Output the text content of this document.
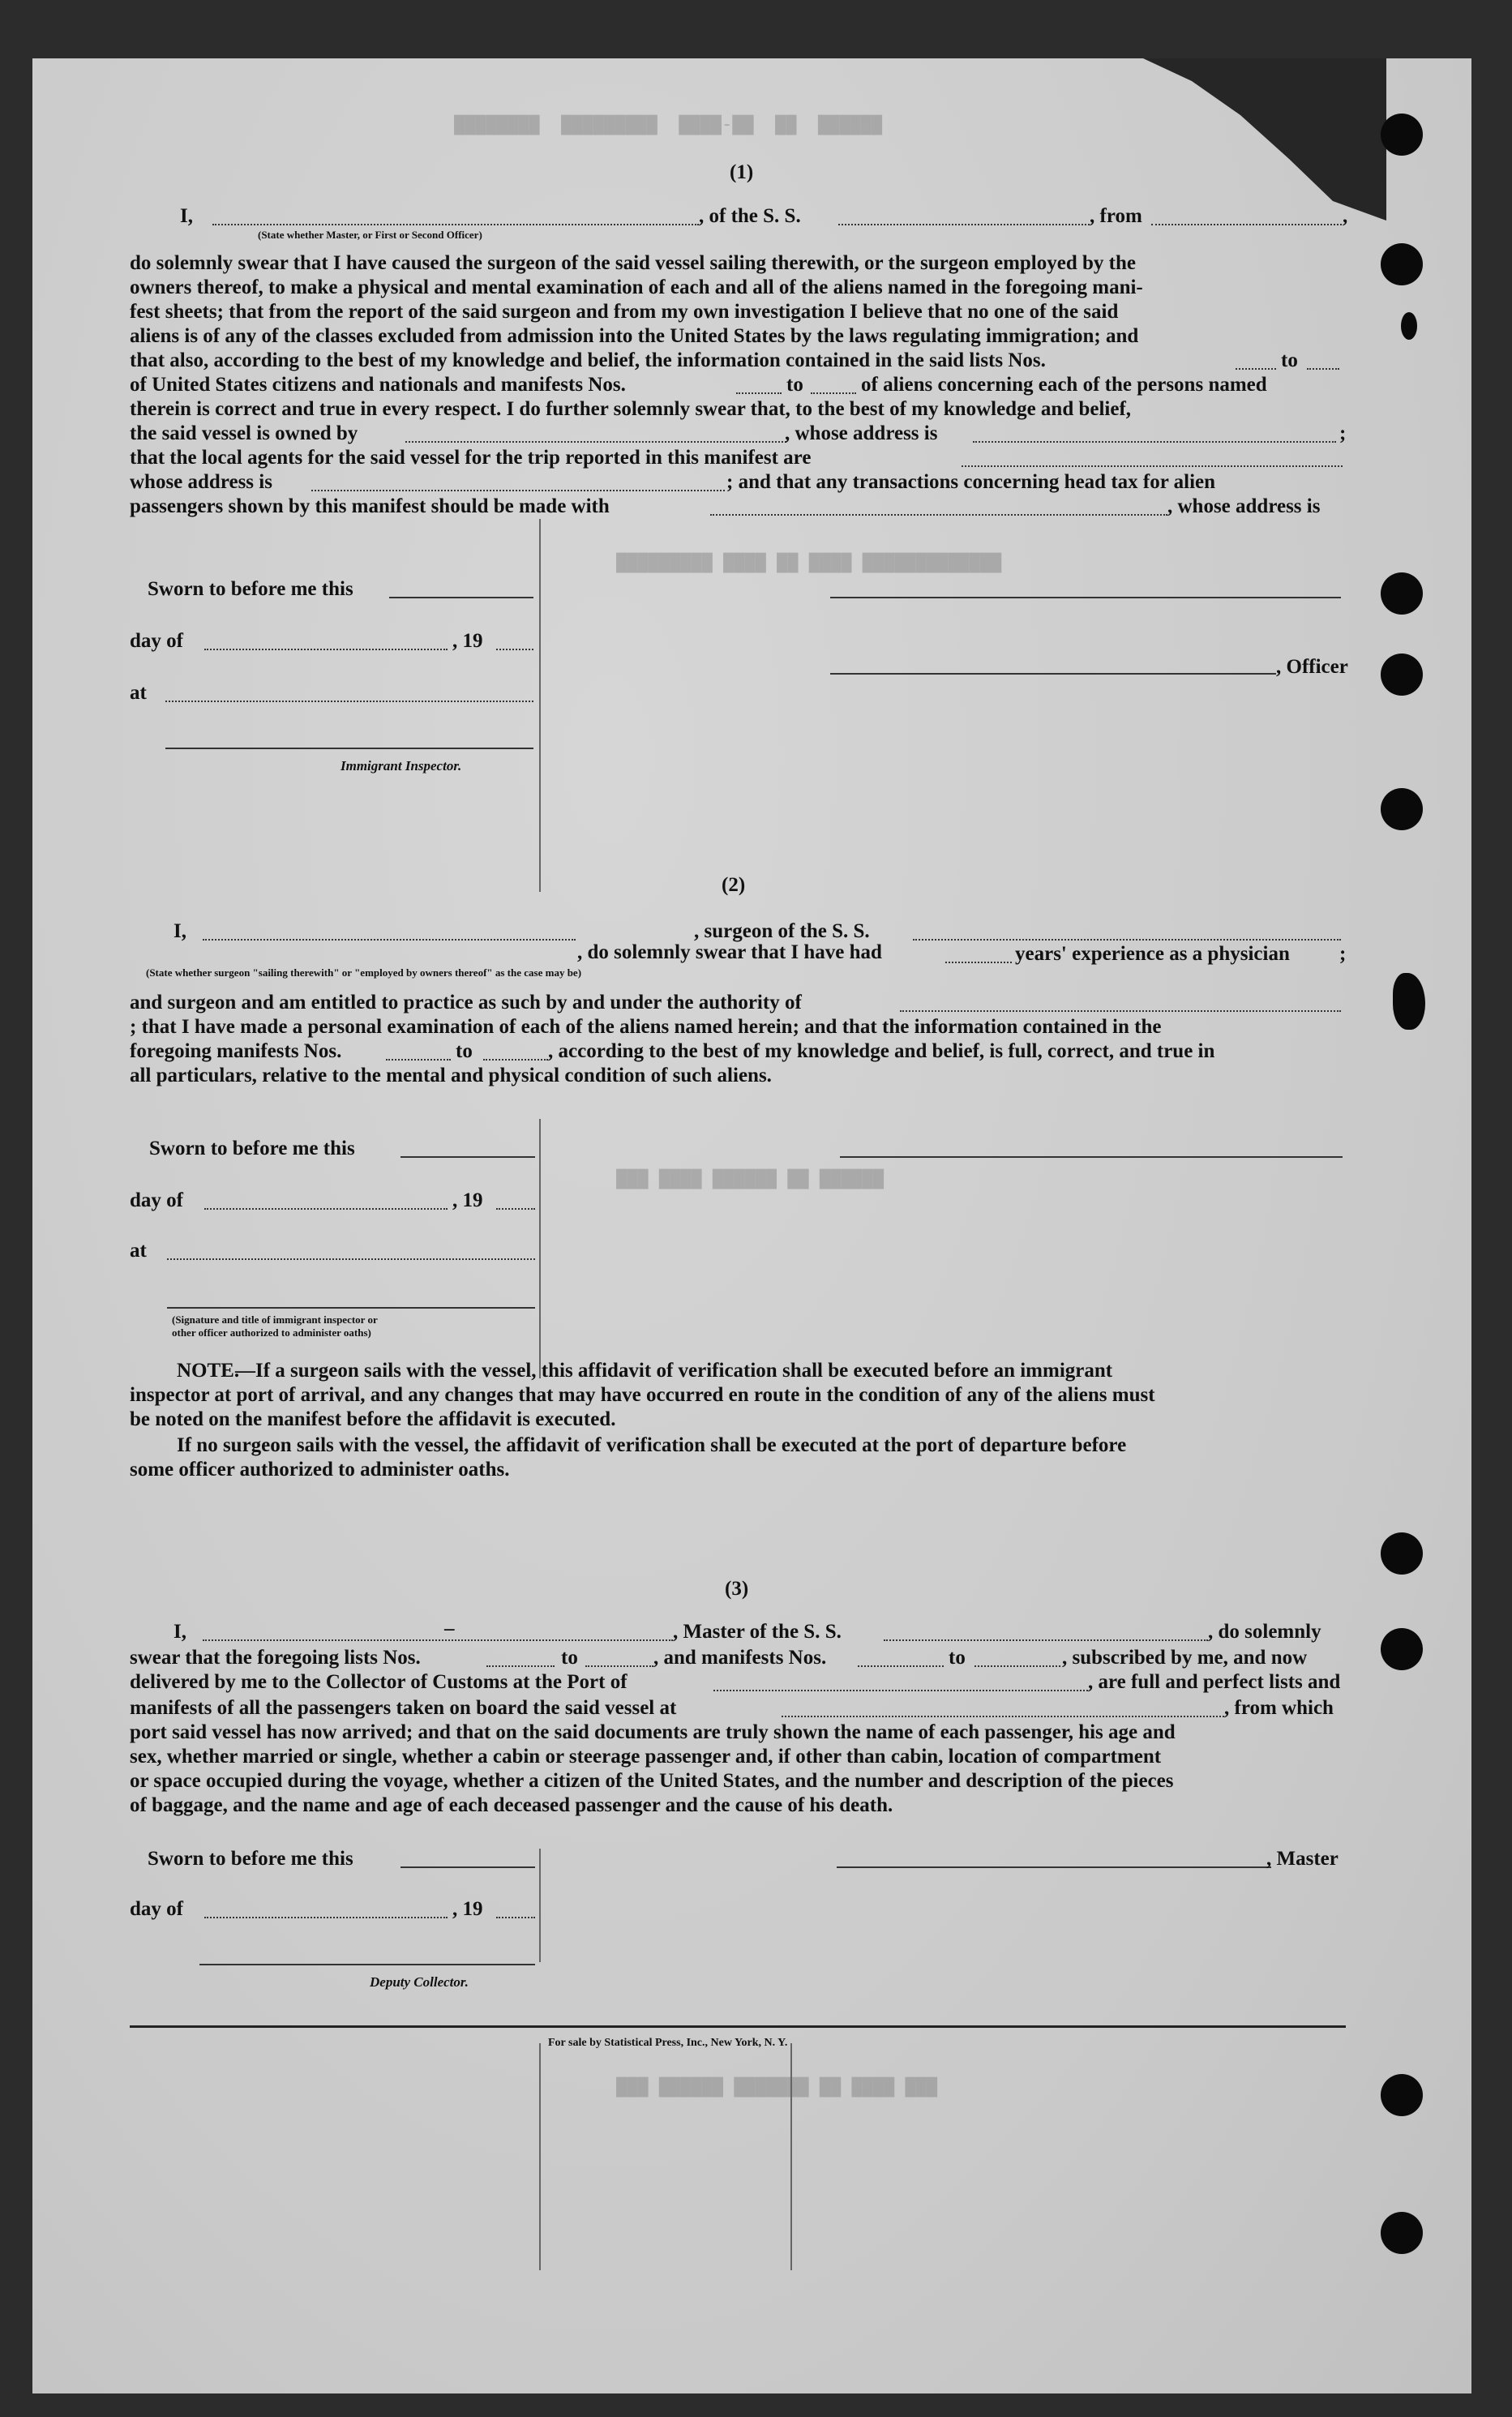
██████  ██  ██-████  █████████  ████████
█████████████ ████ ██ ████ █████████
██████ ██ ██████ ████ ███
███ ████ ██ ███████ ██████ ███
(1)
I,	, of the S. S.	, from	,
(State whether Master, or First or Second Officer)
do solemnly swear that I have caused the surgeon of the said vessel sailing therewith, or the surgeon employed by the
owners thereof, to make a physical and mental examination of each and all of the aliens named in the foregoing mani-
fest sheets; that from the report of the said surgeon and from my own investigation I believe that no one of the said
aliens is of any of the classes excluded from admission into the United States by the laws regulating immigration; and
that also, according to the best of my knowledge and belief, the information contained in the said lists Nos.	to
of United States citizens and nationals and manifests Nos.	to	of aliens concerning each of the persons named
therein is correct and true in every respect. I do further solemnly swear that, to the best of my knowledge and belief,
the said vessel is owned by	, whose address is	;
that the local agents for the said vessel for the trip reported in this manifest are
whose address is	; and that any transactions concerning head tax for alien
passengers shown by this manifest should be made with	, whose address is
Sworn to before me this
day of	, 19
at
, Officer
Immigrant Inspector.
(2)
I,
, do solemnly swear that I have had
, surgeon of the S. S.
(State whether surgeon "sailing therewith" or "employed by owners thereof" as the case may be)
years' experience as a physician ;
and surgeon and am entitled to practice as such by and under the authority of
; that I have made a personal examination of each of the aliens named herein; and that the information contained in the
foregoing manifests Nos.	to	, according to the best of my knowledge and belief, is full, correct, and true in
all particulars, relative to the mental and physical condition of such aliens.
Sworn to before me this
day of	, 19
at
(Signature and title of immigrant inspector or
other officer authorized to administer oaths)
NOTE.
—If a surgeon sails with the vessel, this affidavit of verification shall be executed before an immigrant
inspector at port of arrival, and any changes that may have occurred en route in the condition of any of the aliens must
be noted on the manifest before the affidavit is executed.
If no surgeon sails with the vessel, the affidavit of verification shall be executed at the port of departure before
some officer authorized to administer oaths.
(3)
I,	–	, Master of the S. S.	, do solemnly
swear that the foregoing lists Nos.	to	, and manifests Nos.	to	, subscribed by me, and now
delivered by me to the Collector of Customs at the Port of	, are full and perfect lists and
manifests of all the passengers taken on board the said vessel at	, from which
port said vessel has now arrived; and that on the said documents are truly shown the name of each passenger, his age and
sex, whether married or single, whether a cabin or steerage passenger and, if other than cabin, location of compartment
or space occupied during the voyage, whether a citizen of the United States, and the number and description of the pieces
of baggage, and the name and age of each deceased passenger and the cause of his death.
Sworn to before me this	, Master
day of	, 19
Deputy Collector.
For sale by Statistical Press, Inc., New York, N. Y.
